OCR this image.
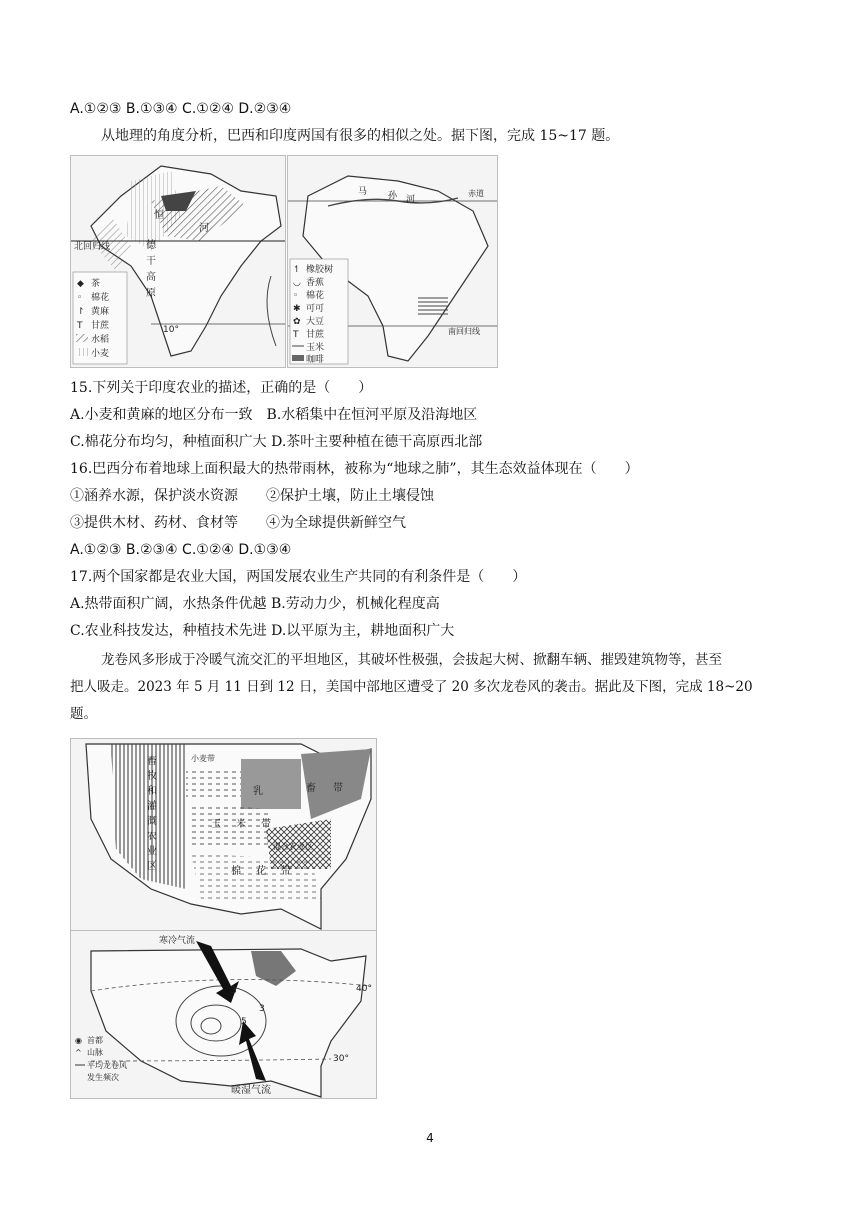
A.①②③ B.①③④ C.①②④ D.②③④
从地理的角度分析，巴西和印度两国有很多的相似之处。据下图，完成 15~17 题。
恒
河
北回归线	德
干
高
原
10°
◆ 茶
◦ 棉花
↾ 黄麻
T 甘蔗
水稻
小麦
赤道
马 孙 河
南回归线
↿ 橡胶树
◡ 香蕉
◦ 棉花
✱ 可可
✿ 大豆
T 甘蔗
玉米
咖啡
15.下列关于印度农业的描述，正确的是（　　）
A.小麦和黄麻的地区分布一致　B.水稻集中在恒河平原及沿海地区
C.棉花分布均匀，种植面积广大 D.茶叶主要种植在德干高原西北部
16.巴西分布着地球上面积最大的热带雨林，被称为“地球之肺”，其生态效益体现在（　　）
①涵养水源，保护淡水资源　　②保护土壤，防止土壤侵蚀
③提供木材、药材、食材等　　④为全球提供新鲜空气
A.①②③ B.②③④ C.①②④ D.①③④
17.两个国家都是农业大国，两国发展农业生产共同的有利条件是（　　）
A.热带面积广阔，水热条件优越 B.劳动力少，机械化程度高
C.农业科技发达，种植技术先进 D.以平原为主，耕地面积广大
龙卷风多形成于冷暖气流交汇的平坦地区，其破坏性极强，会拔起大树、掀翻车辆、摧毁建筑物等，甚至
把人吸走。2023 年 5 月 11 日到 12 日，美国中部地区遭受了 20 多次龙卷风的袭击。据此及下图，完成 18~20
题。
畜
牧
和
灌
溉
农
业
区
小麦带
乳	畜 带
玉 米 带
混合农业区
棉 花 带
寒冷气流
暖湿气流
30°
40°
3
5
3
◉ 首都
^ 山脉
平均龙卷风
发生频次
4
